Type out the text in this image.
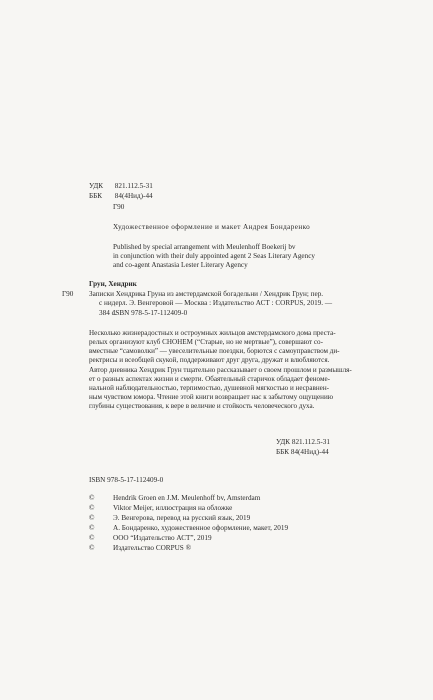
УДК 821.112.5-31
ББК 84(4Нид)-44
Г90
Художественное оформление и макет Андрея Бондаренко
Published by special arrangement with Meulenhoff Boekerij bv
in conjunction with their duly appointed agent 2 Seas Literary Agency
and co-agent Anastasia Lester Literary Agency
Грун, Хендрик
Г90 Записки Хендрика Груна из амстердамской богадельни / Хендрик Грун; пер.
с нидерл. Э. Венгеровой — Москва : Издательство АСТ : CORPUS, 2019. —
384 с.
ISBN 978-5-17-112409-0
Несколько жизнерадостных и остроумных жильцов амстердамского дома преста-
релых организуют клуб СНОНЕМ (“Старые, но не мертвые”), совершают со-
вместные “самоволки” — увеселительные поездки, борются с самоуправством ди-
ректрисы и всеобщей скукой, поддерживают друг друга, дружат и влюбляются.
Автор дневника Хендрик Грун тщательно рассказывает о своем прошлом и размышля-
ет о разных аспектах жизни и смерти. Обаятельный старичок обладает феноме-
нальной наблюдательностью, терпимостью, душевной мягкостью и несравнен-
ным чувством юмора. Чтение этой книги возвращает нас к забытому ощущению
глубины существования, к вере в величие и стойкость человеческого духа.
УДК 821.112.5-31
ББК 84(4Нид)-44
ISBN 978-5-17-112409-0
©	Hendrik Groen en J.M. Meulenhoff bv, Amsterdam
©	Viktor Meijer, иллюстрация на обложке
©	Э. Венгерова, перевод на русский язык, 2019
©	А. Бондаренко, художественное оформление, макет, 2019
©	ООО “Издательство АСТ”, 2019
©	Издательство CORPUS ®
